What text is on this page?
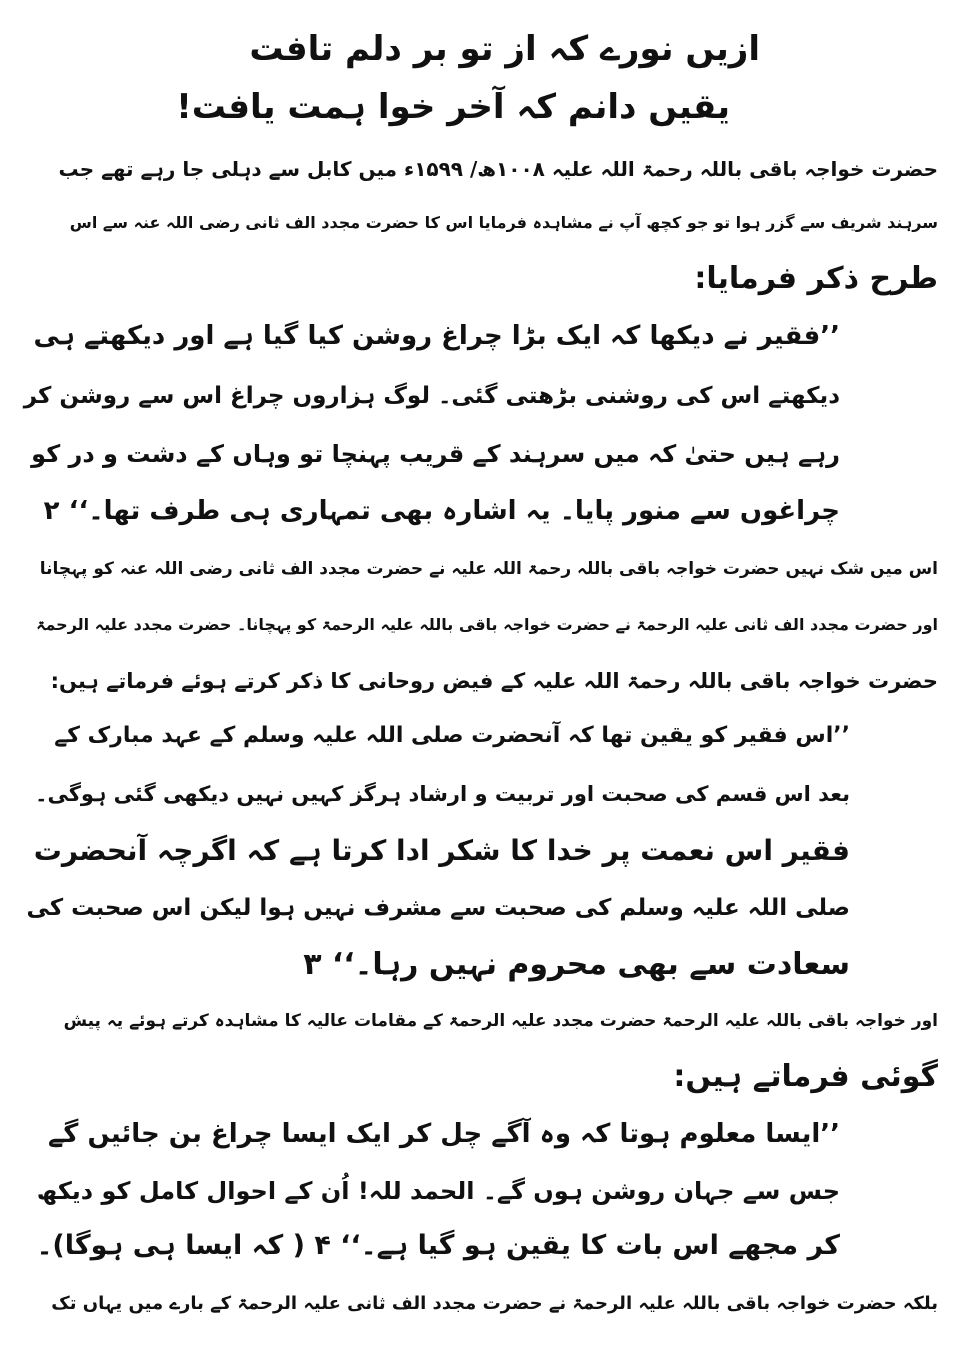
ازیں نورے کہ از تو بر دلم تافت
یقیں دانم کہ آخر خوا ہمت یافت!
حضرت خواجہ باقی باللہ رحمۃ اللہ علیہ ۱۰۰۸ھ/ ۱۵۹۹ء میں کابل سے دہلی جا رہے تھے جب
سرہند شریف سے گزر ہوا تو جو کچھ آپ نے مشاہدہ فرمایا اس کا حضرت مجدد الف ثانی رضی اللہ عنہ سے اس
طرح ذکر فرمایا:
’’فقیر نے دیکھا کہ ایک بڑا چراغ روشن کیا گیا ہے اور دیکھتے ہی
دیکھتے اس کی روشنی بڑھتی گئی۔ لوگ ہزاروں چراغ اس سے روشن کر
رہے ہیں حتیٰ کہ میں سرہند کے قریب پہنچا تو وہاں کے دشت و در کو
چراغوں سے منور پایا۔ یہ اشارہ بھی تمہاری ہی طرف تھا۔‘‘ ۲
اس میں شک نہیں حضرت خواجہ باقی باللہ رحمۃ اللہ علیہ نے حضرت مجدد الف ثانی رضی اللہ عنہ کو پہچانا
اور حضرت مجدد الف ثانی علیہ الرحمۃ نے حضرت خواجہ باقی باللہ علیہ الرحمۃ کو پہچانا۔ حضرت مجدد علیہ الرحمۃ
حضرت خواجہ باقی باللہ رحمۃ اللہ علیہ کے فیض روحانی کا ذکر کرتے ہوئے فرماتے ہیں:
’’اس فقیر کو یقین تھا کہ آنحضرت صلی اللہ علیہ وسلم کے عہد مبارک کے
بعد اس قسم کی صحبت اور تربیت و ارشاد ہرگز کہیں نہیں دیکھی گئی ہوگی۔
فقیر اس نعمت پر خدا کا شکر ادا کرتا ہے کہ اگرچہ آنحضرت
صلی اللہ علیہ وسلم کی صحبت سے مشرف نہیں ہوا لیکن اس صحبت کی
سعادت سے بھی محروم نہیں رہا۔‘‘ ۳
اور خواجہ باقی باللہ علیہ الرحمۃ حضرت مجدد علیہ الرحمۃ کے مقامات عالیہ کا مشاہدہ کرتے ہوئے یہ پیش
گوئی فرماتے ہیں:
’’ایسا معلوم ہوتا کہ وہ آگے چل کر ایک ایسا چراغ بن جائیں گے
جس سے جہان روشن ہوں گے۔ الحمد للہ! اُن کے احوال کامل کو دیکھ
کر مجھے اس بات کا یقین ہو گیا ہے۔‘‘ ۴ ( کہ ایسا ہی ہوگا)۔
بلکہ حضرت خواجہ باقی باللہ علیہ الرحمۃ نے حضرت مجدد الف ثانی علیہ الرحمۃ کے بارے میں یہاں تک
